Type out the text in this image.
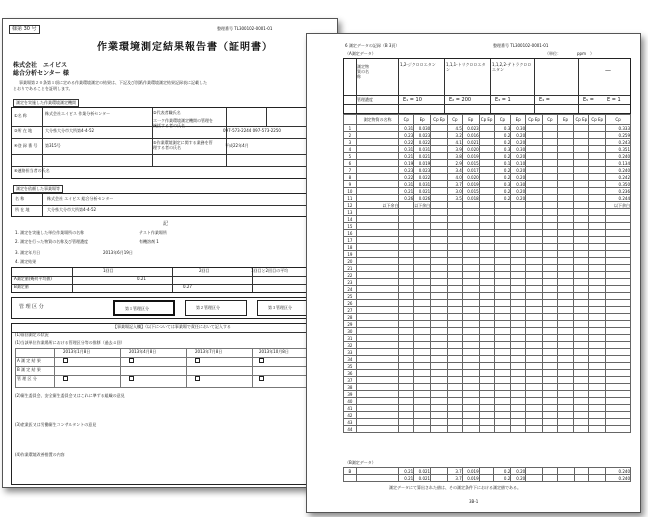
様第 30 号	整理番号 TL300102-0001-01
作業環境測定結果報告書（証明書）
株式会社　エイビス
総合分析センター 様
事業場第２０条第１項に定める作業環境測定の結果は、下記及び別紙作業環境測定結果記録表に記載した
とおりであることを証明します。
測定を実施した作業環境測定機関
①名 称	株式会社エイビス 作業分析センター	②代表者職氏名
ヱ一ク作業環境測定機関の管理を統括する者の氏名
③所 在 地	大分県大分市大所第4-4-52	097-573-2244 097-573-2250
④登 録 番 号 第315号
⑤作業環境測定に関する業務を管理する者の氏名	平成22年4月
⑥連絡担当者の氏名
測定を依頼した事業場等
名 称	株式会社 エイビス 総合分析センター
所 在 地	大分県大分市大所第4-4-52
記
1. 測定を実施した単位作業場所の名称	テスト作業場所
2. 測定を行った物質の名称及び管理濃度	有機溶剤 1
3. 測定年月日	2013年6月19日
4. 測定結果
1回目	2回目	1回目と2回目の平均
A測定値(幾何平均値)	0.21
B測定値	0.27
管 理 区 分	第１管理区分	第２管理区分	第３管理区分
【事業場記入欄】（以下については事業場で責任において記入する
(1)前回測定の状況
(1)当該単位作業場所における管理区分等の推移（過去４回）
2013年1月8日	2013年4月8日	2013年7月8日	2013年10月8日
A 測 定 結 果
B 測 定 結 果
管 理 区 分
(2)衛生委員会、安全衛生委員会又はこれに準ずる組織の意見
(3)産業医又は労働衛生コンサルタントの意見
(4)作業環境改善措置の内容
6 測定データの記録（B 3頁）	整理番号 TL300102-0001-01
（A測定データ）	（単位：　　　　ppm　）
測定物質の名称
1,2-ジクロロエタン	1,1,1-トリクロロエタン
1,1,2,2-テトラクロロエタン	—
管理濃度	E₁ = 10	E₂ = 200	E₃ = 1	E₄ =	E₅ =	E = 1
	測定物質の名称	Cp	Ep	Cp Ep	Cp	Ep	Cp Ep	Cp	Ep	Cp Ep	Cp	Ep	Cp Ep	Cp Ep	Cp
1		0.31	0.030		4.5	0.023		0.3	0.30						0.333
2		0.23	0.023		3.2	0.016		0.2	0.20						0.259
3		0.22	0.022		4.1	0.021		0.2	0.20						0.243
4		0.31	0.031		3.9	0.020		0.3	0.30						0.351
5		0.21	0.021		3.8	0.019		0.2	0.20						0.240
6		0.19	0.019		2.9	0.015		0.1	0.10						0.134
7		0.23	0.023		3.4	0.017		0.2	0.20						0.240
8		0.22	0.022		4.0	0.020		0.2	0.20						0.242
9		0.31	0.031		3.7	0.019		0.3	0.30						0.350
10		0.21	0.021		3.0	0.015		0.2	0.20						0.236
11		0.26	0.026		3.5	0.018		0.2	0.20						0.244
12	以下余白		以下余白												以下余白
13															
14															
15															
16															
17															
18															
19															
20															
21															
22															
23															
24															
25															
26															
27															
28															
29															
30															
31															
32															
33															
34															
35															
36															
37															
38															
39															
40															
41															
42															
43															
44															
（B測定データ）
B		0.21	0.021		3.7	0.019		0.2	0.20						0.240
		0.21	0.021		3.7	0.019		0.2	0.20						0.240
測定データにて算出された値は、その測定条件下における測定値である。
3B-1
